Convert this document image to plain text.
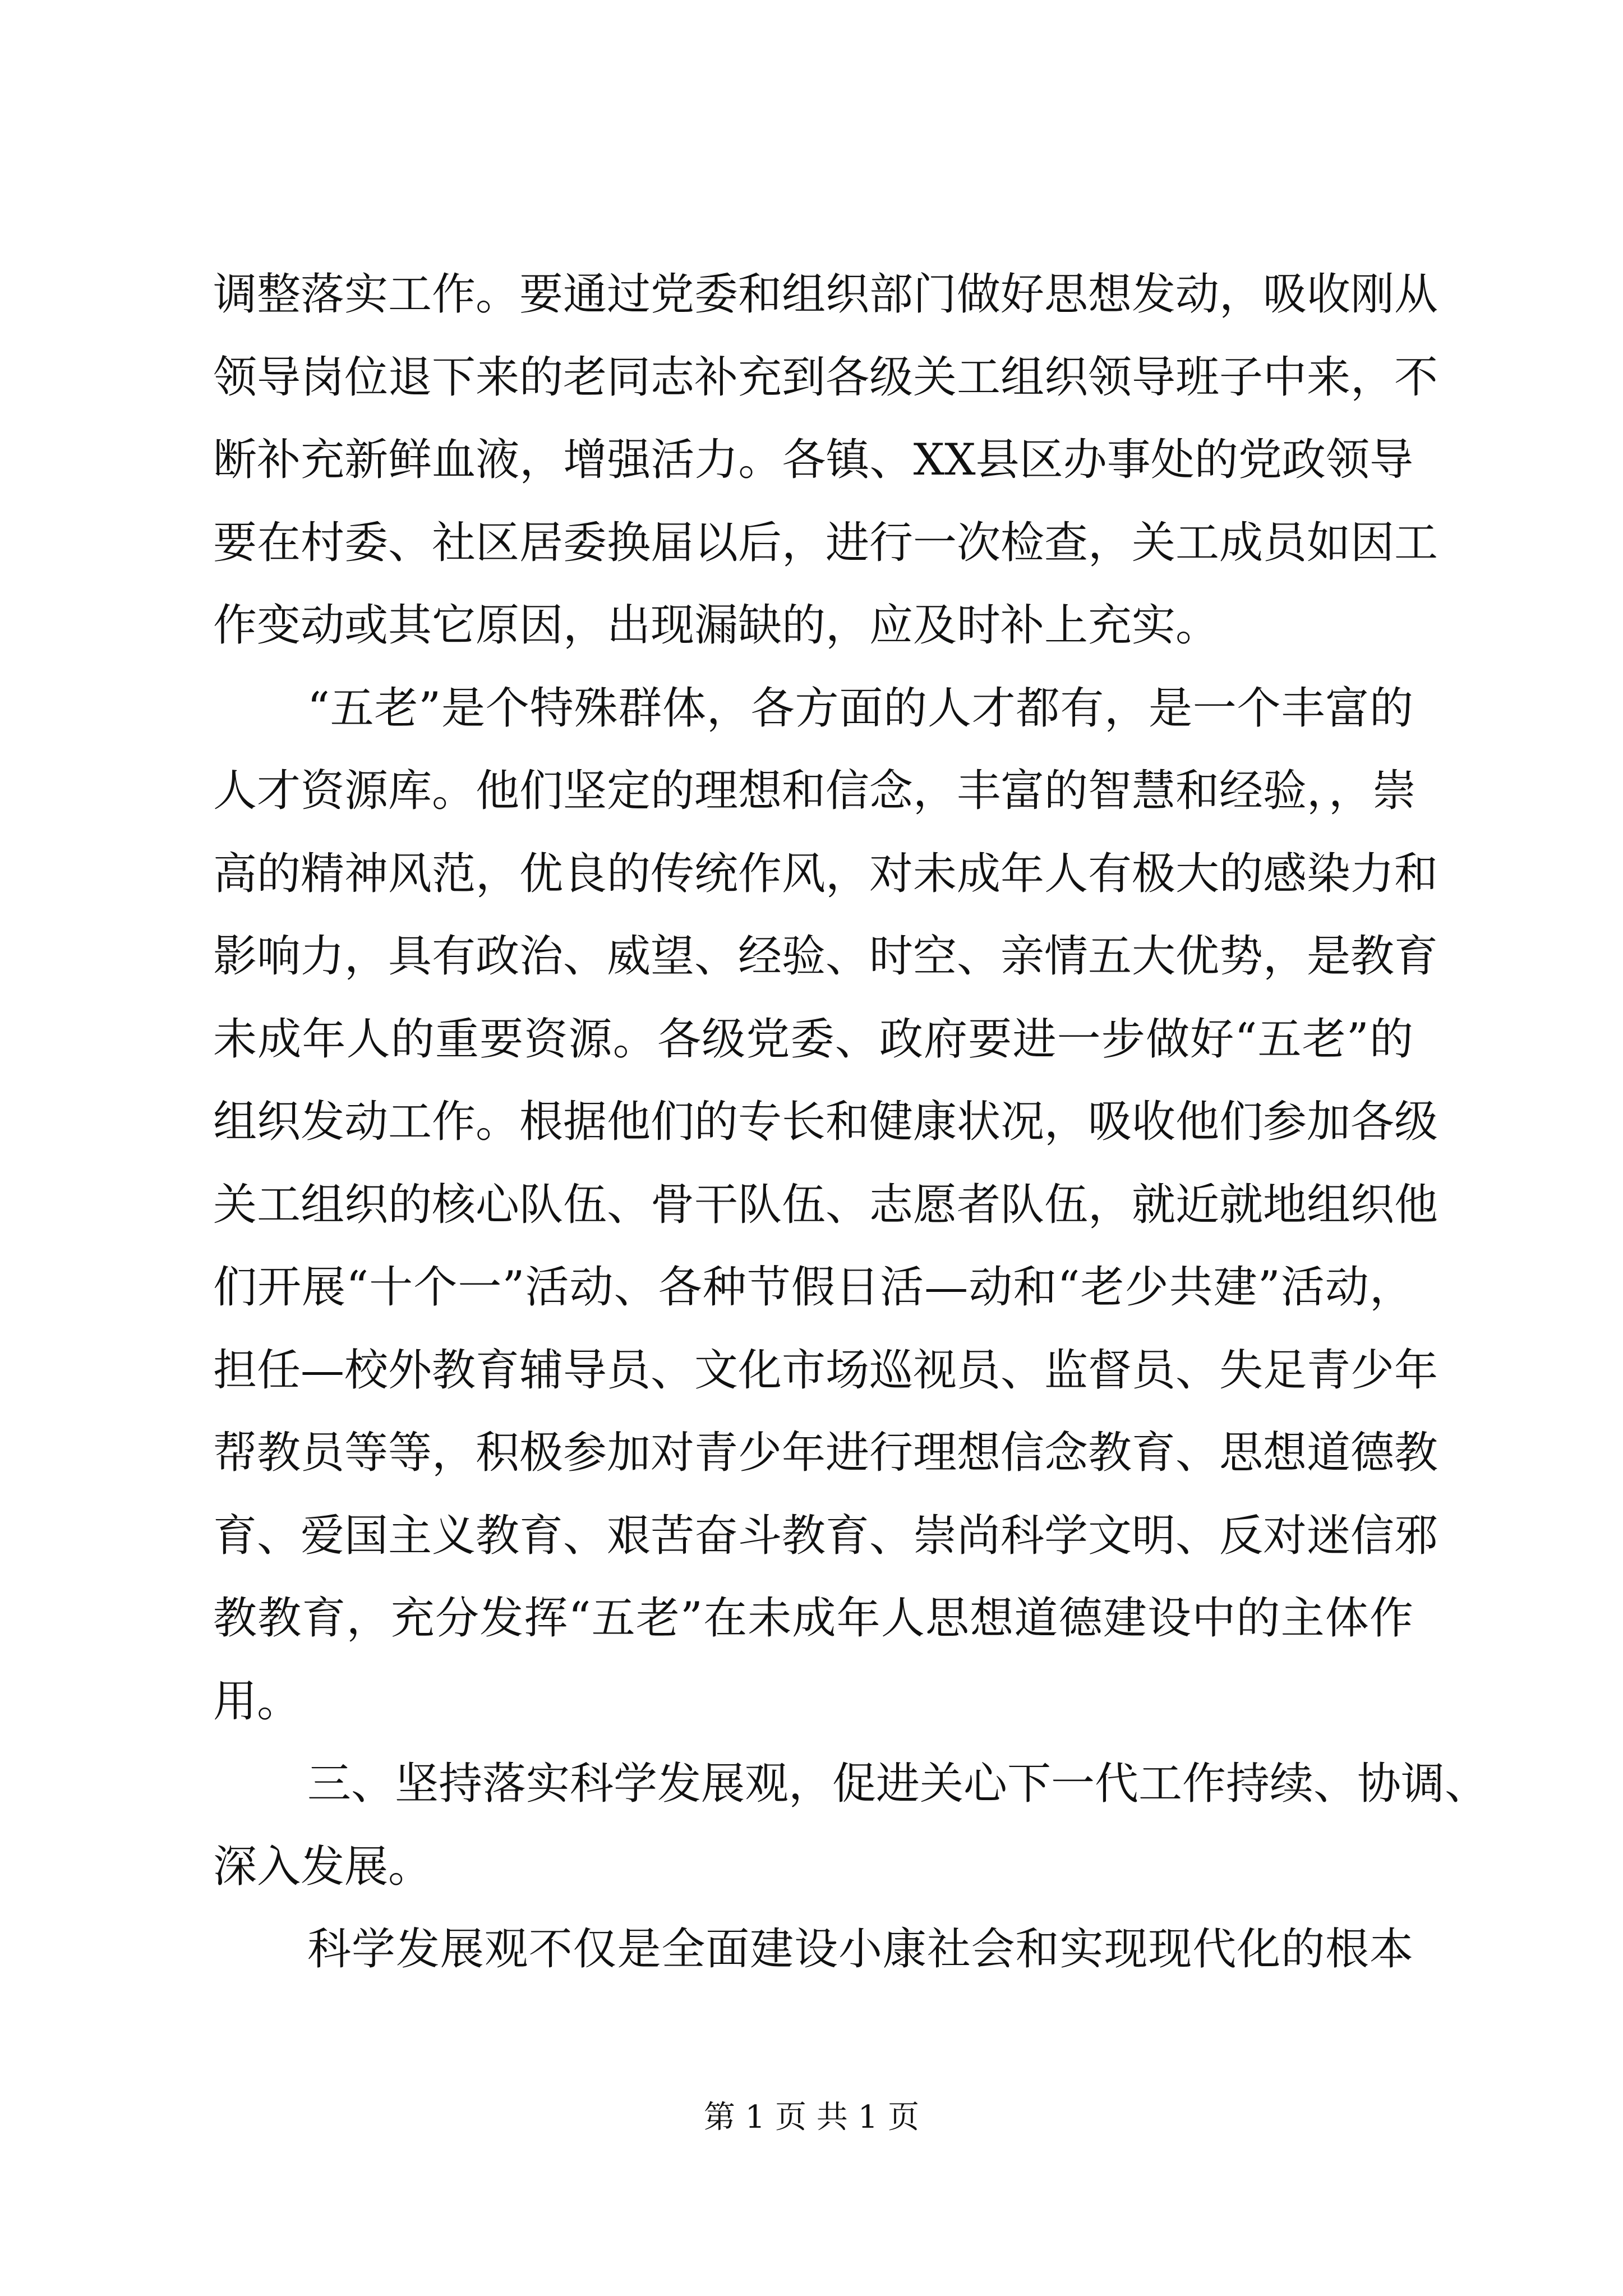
调整落实工作。要通过党委和组织部门做好思想发动，吸收刚从
领导岗位退下来的老同志补充到各级关工组织领导班子中来，不
断补充新鲜血液，增强活力。各镇、XX县区办事处的党政领导
要在村委、社区居委换届以后，进行一次检查，关工成员如因工
作变动或其它原因，出现漏缺的，应及时补上充实。
“五老”是个特殊群体，各方面的人才都有，是一个丰富的
人才资源库。他们坚定的理想和信念，丰富的智慧和经验，，崇
高的精神风范，优良的传统作风，对未成年人有极大的感染力和
影响力，具有政治、威望、经验、时空、亲情五大优势，是教育
未成年人的重要资源。各级党委、政府要进一步做好“五老”的
组织发动工作。根据他们的专长和健康状况，吸收他们参加各级
关工组织的核心队伍、骨干队伍、志愿者队伍，就近就地组织他
们开展“十个一”活动、各种节假日活—动和“老少共建”活动，
担任—校外教育辅导员、文化市场巡视员、监督员、失足青少年
帮教员等等，积极参加对青少年进行理想信念教育、思想道德教
育、爱国主义教育、艰苦奋斗教育、崇尚科学文明、反对迷信邪
教教育，充分发挥“五老”在未成年人思想道德建设中的主体作
用。
三、坚持落实科学发展观，促进关心下一代工作持续、协调、
深入发展。
科学发展观不仅是全面建设小康社会和实现现代化的根本
第 1 页 共 1 页
